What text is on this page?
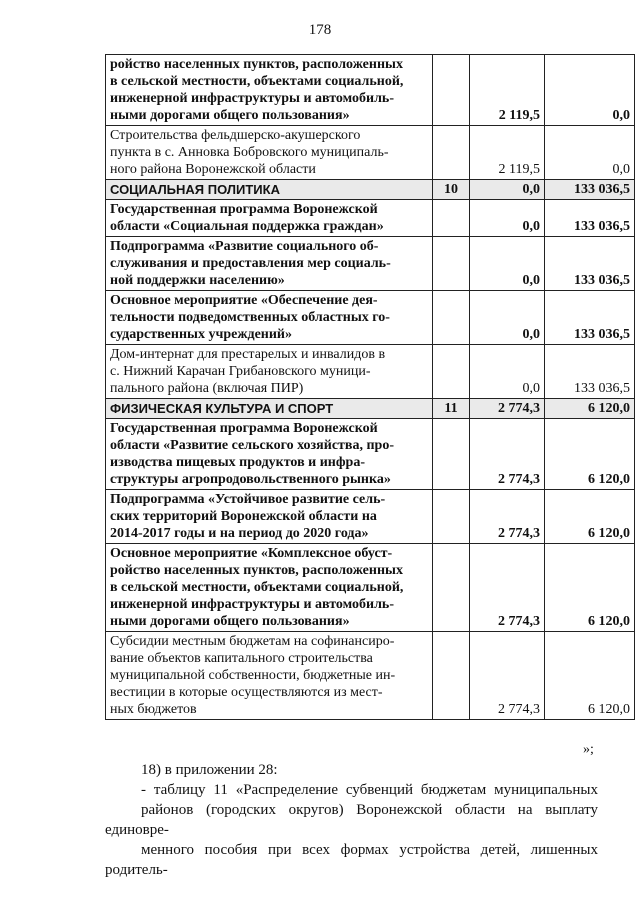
178
ройство населенных пунктов, расположенных
в сельской местности, объектами социальной,
инженерной инфраструктуры и автомобиль-
ными дорогами общего пользования»		2 119,5	0,0

Строительства фельдшерско-акушерского
пункта в с. Анновка Бобровского муниципаль-
ного района Воронежской области		2 119,5	0,0

СОЦИАЛЬНАЯ ПОЛИТИКА	10	0,0	133 036,5

Государственная программа Воронежской
области «Социальная поддержка граждан»		0,0	133 036,5

Подпрограмма «Развитие социального об-
служивания и предоставления мер социаль-
ной поддержки населению»		0,0	133 036,5

Основное мероприятие «Обеспечение дея-
тельности подведомственных областных го-
сударственных учреждений»		0,0	133 036,5

Дом-интернат для престарелых и инвалидов в
с. Нижний Карачан Грибановского муници-
пального района (включая ПИР)		0,0	133 036,5

ФИЗИЧЕСКАЯ КУЛЬТУРА И СПОРТ	11	2 774,3	6 120,0

Государственная программа Воронежской
области «Развитие сельского хозяйства, про-
изводства пищевых продуктов и инфра-
структуры агропродовольственного рынка»		2 774,3	6 120,0

Подпрограмма «Устойчивое развитие сель-
ских территорий Воронежской области на
2014-2017 годы и на период до 2020 года»		2 774,3	6 120,0

Основное мероприятие «Комплексное обуст-
ройство населенных пунктов, расположенных
в сельской местности, объектами социальной,
инженерной инфраструктуры и автомобиль-
ными дорогами общего пользования»		2 774,3	6 120,0

Субсидии местным бюджетам на софинансиро-
вание объектов капитального строительства
муниципальной собственности, бюджетные ин-
вестиции в которые осуществляются из мест-
ных бюджетов		2 774,3	6 120,0
»;
18) в приложении 28:
- таблицу 11 «Распределение субвенций бюджетам муниципальных
районов (городских округов) Воронежской области на выплату единовре-
менного пособия при всех формах устройства детей, лишенных родитель-
